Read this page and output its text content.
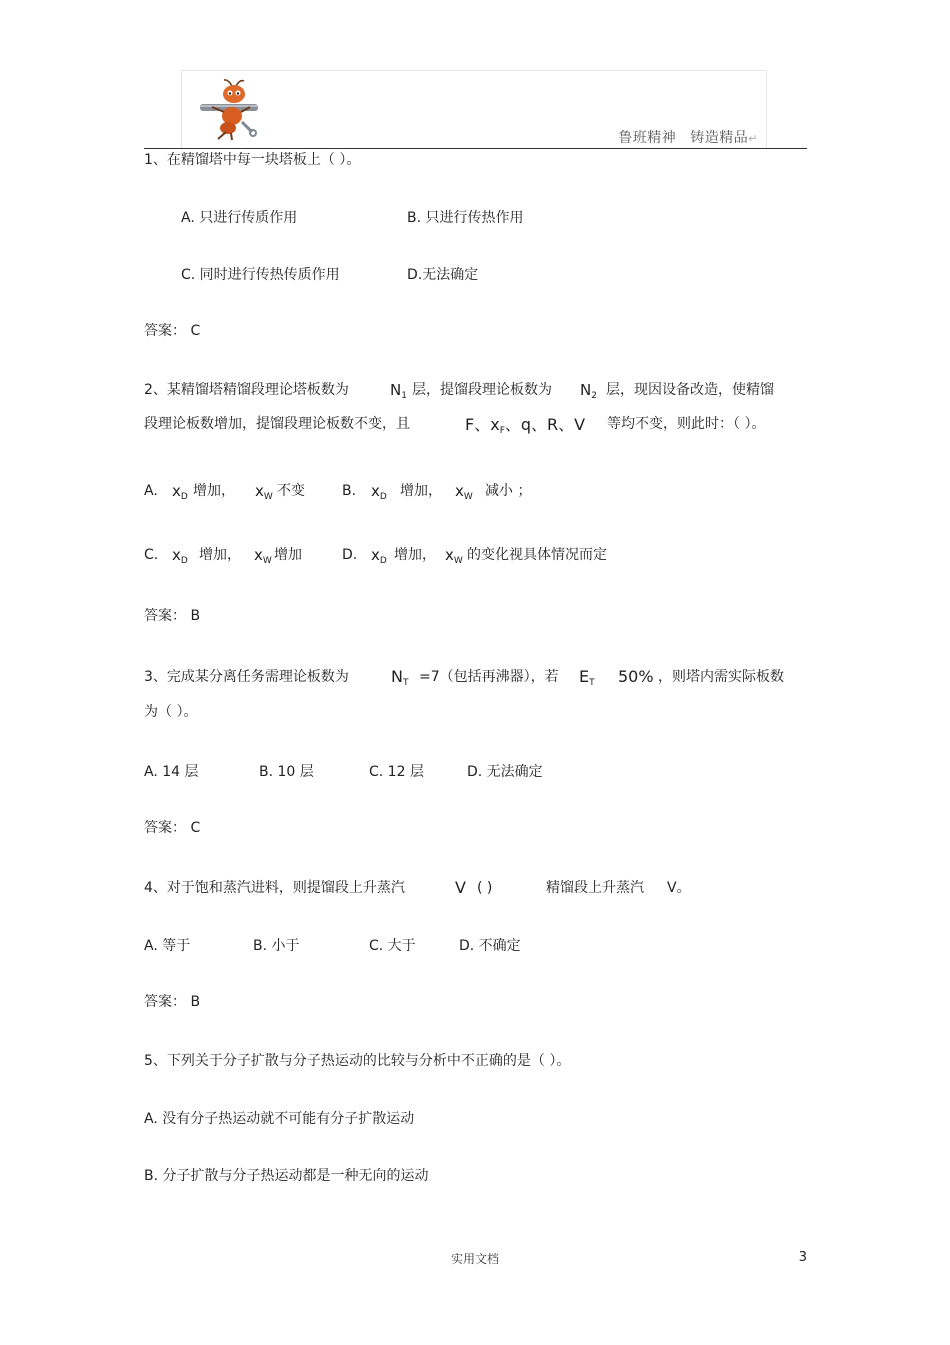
鲁班精神 铸造精品↵
1、在精馏塔中每一块塔板上（ ）。
A. 只进行传质作用	B. 只进行传热作用
C. 同时进行传热传质作用	D.无法确定
答案： C
2、某精馏塔精馏段理论塔板数为	$N_1$ 层，提馏段理论板数为 $N_2$ 层，现因设备改造，使精馏
段理论板数增加，提馏段理论板数不变，且	F、$x_F$、q、R、V 等均不变，则此时：（ ）。
A. $x_D$ 增加， $x_W$ 不变	B. $x_D$ 增加， $x_W$ 减小 ；
C. $x_D$ 增加， $x_W$ 增加	D. $x_D$ 增加， $x_W$ 的变化视具体情况而定
答案： B
3、完成某分离任务需理论板数为	$N_T =7$（包括再沸器），若 $E_T$ 50% ，则塔内需实际板数
为（ ）。
A. 14 层	B. 10 层	C. 12 层	D. 无法确定
答案： C
4、对于饱和蒸汽进料，则提馏段上升蒸汽	V ( )	精馏段上升蒸汽 V。
A. 等于	B. 小于	C. 大于	D. 不确定
答案： B
5、下列关于分子扩散与分子热运动的比较与分析中不正确的是（ ）。
A. 没有分子热运动就不可能有分子扩散运动
B. 分子扩散与分子热运动都是一种无向的运动
实用文档	3
